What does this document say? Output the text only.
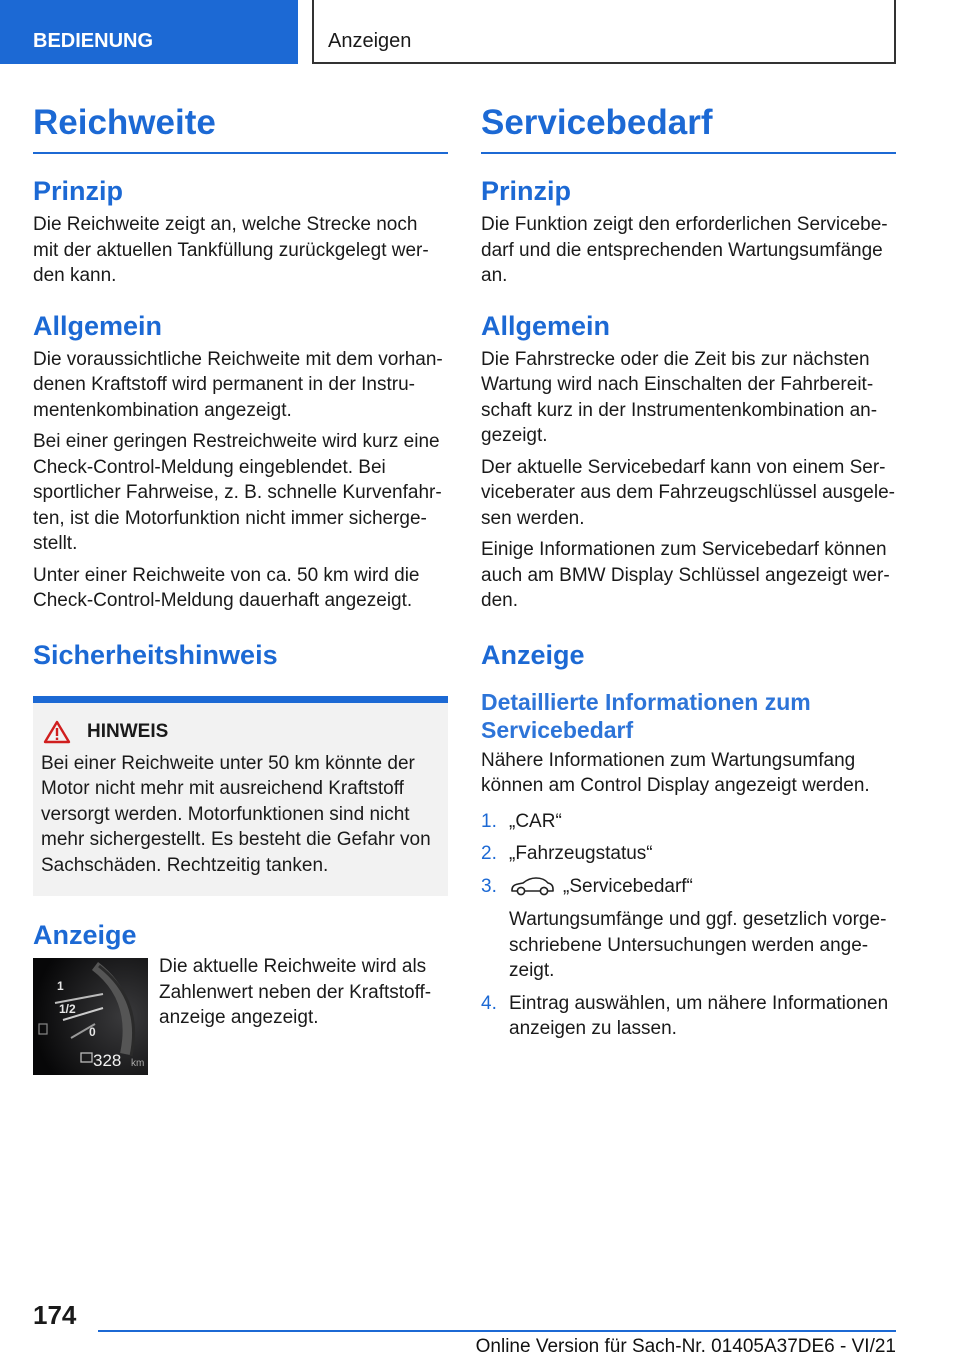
BEDIENUNG	Anzeigen
Reichweite
Prinzip
Die Reichweite zeigt an, welche Strecke noch mit der aktuellen Tankfüllung zurückgelegt wer-den kann.
Allgemein
Die voraussichtliche Reichweite mit dem vorhan-denen Kraftstoff wird permanent in der Instru-mentenkombination angezeigt.
Bei einer geringen Restreichweite wird kurz eine Check-Control-Meldung eingeblendet. Bei sportlicher Fahrweise, z. B. schnelle Kurvenfahr-ten, ist die Motorfunktion nicht immer sicherge-stellt.
Unter einer Reichweite von ca. 50 km wird die Check-Control-Meldung dauerhaft angezeigt.
Sicherheitshinweis
HINWEIS
Bei einer Reichweite unter 50 km könnte der Motor nicht mehr mit ausreichend Kraftstoff versorgt werden. Motorfunktionen sind nicht mehr sichergestellt. Es besteht die Gefahr von Sachschäden. Rechtzeitig tanken.
Anzeige
1
1/2
0
328 km
Die aktuelle Reichweite wird als Zahlenwert neben der Kraftstoff-anzeige angezeigt.
Servicebedarf
Prinzip
Die Funktion zeigt den erforderlichen Servicebe-darf und die entsprechenden Wartungsumfänge an.
Allgemein
Die Fahrstrecke oder die Zeit bis zur nächsten Wartung wird nach Einschalten der Fahrbereit-schaft kurz in der Instrumentenkombination an-gezeigt.
Der aktuelle Servicebedarf kann von einem Ser-viceberater aus dem Fahrzeugschlüssel ausgele-sen werden.
Einige Informationen zum Servicebedarf können auch am BMW Display Schlüssel angezeigt wer-den.
Anzeige
Detaillierte Informationen zum Servicebedarf
Nähere Informationen zum Wartungsumfang können am Control Display angezeigt werden.
1. „CAR“
2. „Fahrzeugstatus“
3.	„Servicebedarf“
Wartungsumfänge und ggf. gesetzlich vorge-schriebene Untersuchungen werden ange-zeigt.
4. Eintrag auswählen, um nähere Informationen anzeigen zu lassen.
174
Online Version für Sach-Nr. 01405A37DE6 - VI/21
